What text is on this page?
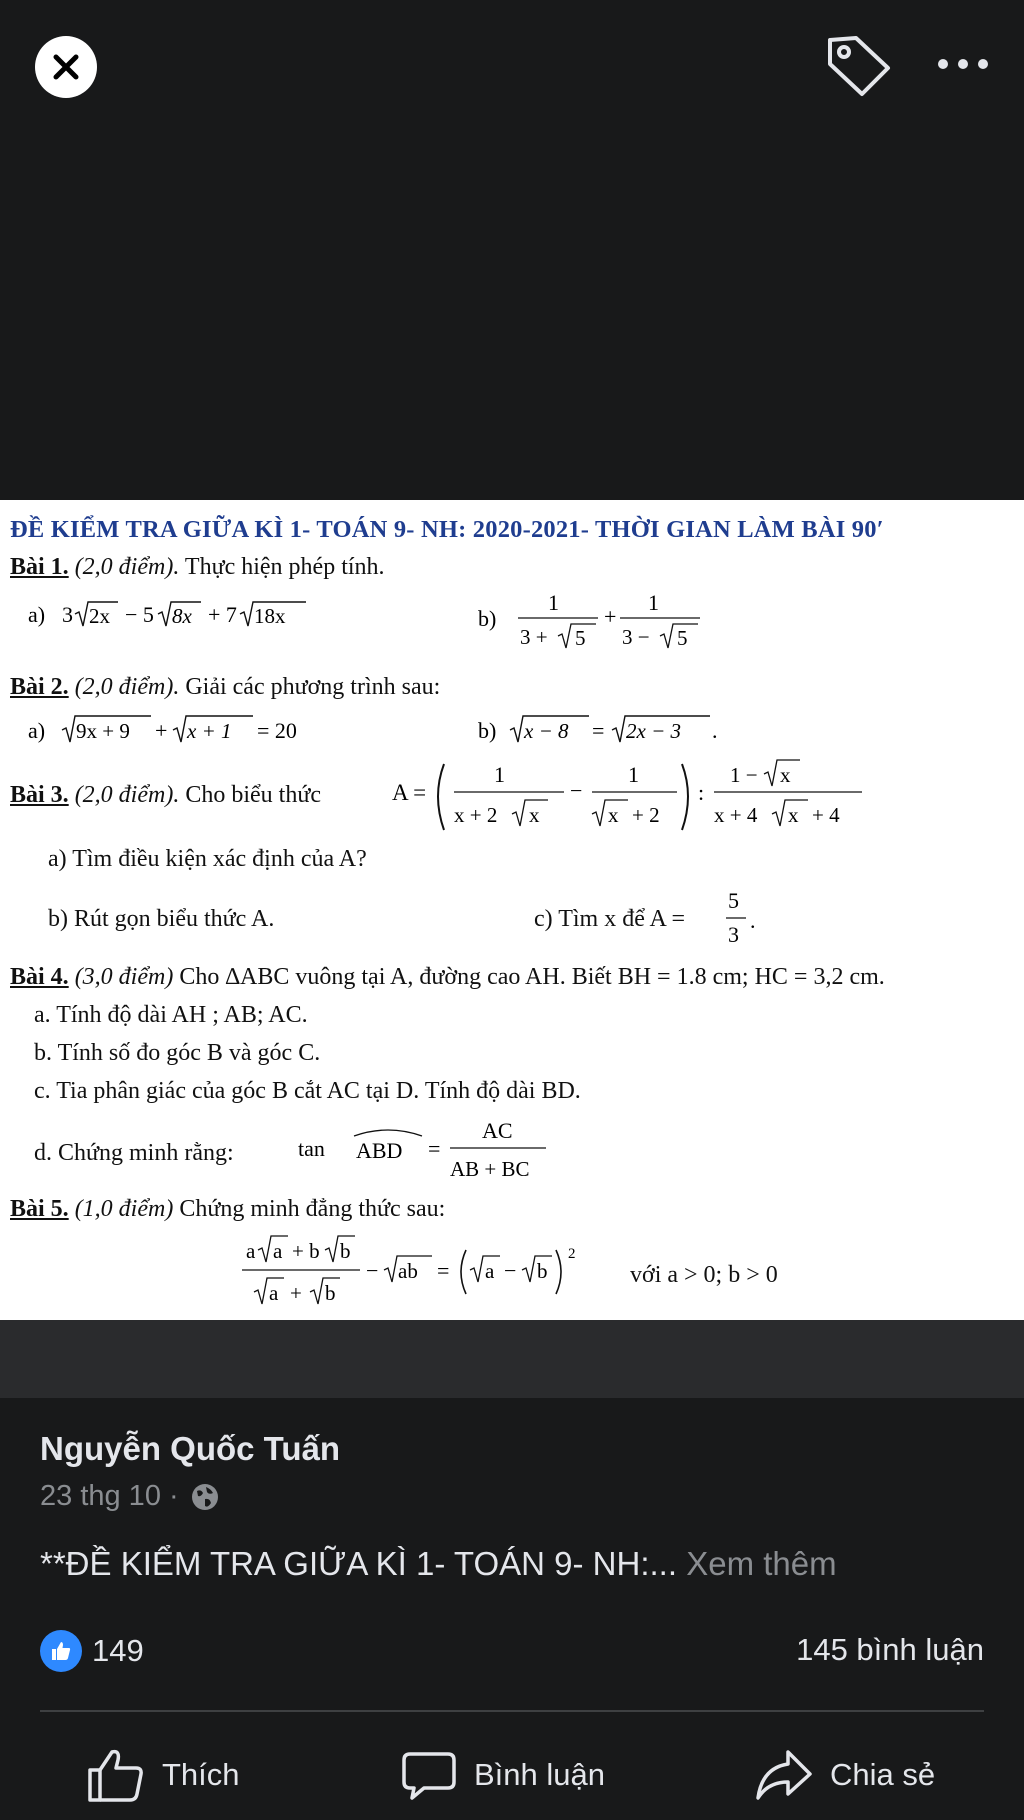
ĐỀ KIỂM TRA GIỮA KÌ 1- TOÁN 9- NH: 2020-2021- THỜI GIAN LÀM BÀI 90′
Bài 1. (2,0 điểm). Thực hiện phép tính.
a) 3 2x − 5 8x + 7 18x	b)
1
3 + 5
+
1
3 − 5
Bài 2. (2,0 điểm). Giải các phương trình sau:
a) 9x + 9 + x + 1 = 20	b) x − 8 = 2x − 3 .
Bài 3. (2,0 điểm). Cho biểu thức	A =
1
x + 2 x
−
1
x + 2
:
1 − x
x + 4 x + 4
a) Tìm điều kiện xác định của A?
b) Rút gọn biểu thức A.	c) Tìm x để A =
5
3
.
Bài 4. (3,0 điểm) Cho ∆ABC vuông tại A, đường cao AH. Biết BH = 1.8 cm; HC = 3,2 cm.
a. Tính độ dài AH ; AB; AC.
b. Tính số đo góc B và góc C.
c. Tia phân giác của góc B cắt AC tại D. Tính độ dài BD.
d. Chứng minh rằng:	tan ABD =
AC
AB + BC
Bài 5. (1,0 điểm) Chứng minh đẳng thức sau:
a a + b b
a + b
− ab = a − b
2
với a > 0; b > 0
Nguyễn Quốc Tuấn
23 thg 10 ·
**ĐỀ KIỂM TRA GIỮA KÌ 1- TOÁN 9- NH:... Xem thêm
149	145 bình luận
Thích	Bình luận	Chia sẻ
